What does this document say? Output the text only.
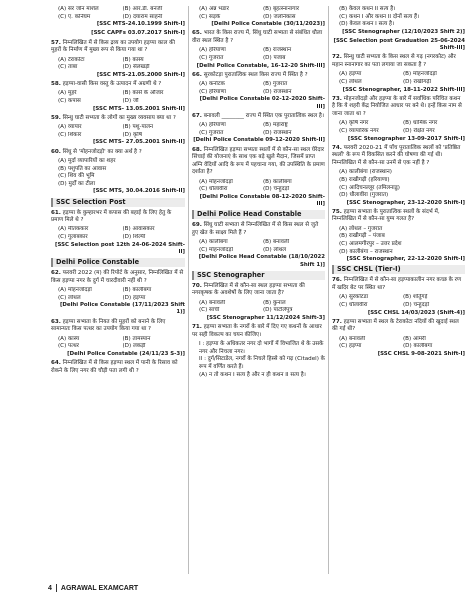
(A) सर जॉन मार्शल	(B) आर.डी. बनर्जी
(C) ए. कनिंघम	(D) दयाराम साहनी
[SSC MTS-24.10.1999 Shift-I]
[SSC CAPFs 03.07.2017 Shift-I]
57. निम्नलिखित में से किस द्रव्य का उपयोग हड़प्पा काल की मुहरों के निर्माण में मुख्य रूप से किया गया था ?
(A) टेराकोटा	(B) कांस्य
(C) तांबा	(D) सेलखड़ी
[SSC MTS-21.05.2000 Shift-I]
58. हड़प्पा-वासी किस वस्तु के उत्पादन में अग्रणी थे ?
(A) मुहरें	(B) कांसे के औजार
(C) कपास	(D) जौ
[SSC MTS- 13.05.2001 Shift-II]
59. सिन्धु घाटी सभ्यता के लोगों का मुख्य व्यवसाय क्या था ?
(A) व्यापार	(B) पशु-पालन
(C) शिकार	(D) कृषि
[SSC MTS- 27.05.2001 Shift-II]
60. सिंधु से 'मोहनजोदड़ो' का क्या अर्थ है ?
(A) मुर्दा व्यापारियों का शहर
(B) पशुपति का आवास
(C) शिव की भूमि
(D) मुर्दों का टीला
[SSC MTS, 30.04.2016 Shift-II]
SSC Selection Post
61. हड़प्पा के कुम्हारभर में कपास की बहाई के लिए हेतु के प्रमाण मिले थे ?
(A) मीतककार	(B) आवासकार
(C) गुलाबकार	(D) शिल्पी
[SSC Selection post 12th 24-06-2024 Shift-II]
Delhi Police Constable
62. फरवरी 2022 (म) की रिपोर्ट के अनुसार, निम्नलिखित में से किस हड़प्पा नगर के दुर्ग में चारदीवारी नहीं थी ?
(A) मोहनजोदड़ो	(B) कालीबंगा
(C) लोथल	(D) हड़प्पा
[Delhi Police Constable (17/11/2023 Shift 1)]
63. हड़प्पा सभ्यता के नियत की मुहरों को बनाने के लिए सामान्यतः किस पत्थर का उपयोग किया गया था ?
(A) कांस्य	(B) तामस्पान
(C) पत्थर	(D) लकड़ी
[Delhi Police Constable (24/11/23 S-3)]
64. निम्नलिखित में से किस हड़प्पा स्थल में पानी के रिसाव को रोकने के लिए नगर की चौड़ी पता लगी थी ?
(A) अन्न भंडार	(B) बृहत्स्नानागार
(C) सड़कें	(D) जलनिकास
[Delhi Police Constable (30/11/2023)]
65. भारत के किस राज्य में, सिंधु घाटी सभ्यता से संबंधित धौला वीरा स्थल स्थित है ?
(A) हरियाणा	(B) राजस्थान
(C) गुजरात	(D) पंजाब
[Delhi Police Constable, 16-12-20 Shift-III]
66. सुरकोटड़ा पुरातात्विक स्थल किस राज्य में स्थित है ?
(A) कर्नाटक	(B) गुजरात
(C) हरियाणा	(D) राजस्थान
[Delhi Police Constable 02-12-2020 Shift-III]
67. बनावली ________ राज्य में स्थित एक पुरातात्विक स्थल है।
(A) हरियाणा	(B) महाराष्ट्र
(C) गुजरात	(D) राजस्थान
[Delhi Police Constable 09-12-2020 Shift-II]
68. निम्नलिखित हड़प्पा सभ्यता स्थलों में से कौन-सा स्थल घेरेदार सिंचाई की योजनाएं के साथ एक बड़े खुले मैदान, जिसमें प्राप्त अग्नि वेदियों आदि के रूप में पहचाना गया, की उपस्थिति के प्रमाण दर्शाता है?
(A) मोहनजोदड़ो	(B) कालीबंगा
(C) धौलावीरा	(D) चन्हुदड़ो
[Delhi Police Constable 08-12-2020 Shift-III]
Delhi Police Head Constable
69. सिंधु घाटी सभ्यता से निम्नलिखित में से किस स्थल से जुते हुए खेत के साक्ष्य मिले हैं ?
(A) कालीबंगा	(B) बनावली
(C) मोहनजोदड़ो	(D) लोथल
[Delhi Police Head Constable (18/10/2022 Shift 1)]
SSC Stenographer
70. निम्नलिखित में से कौन-सा स्थल हड़प्पा सभ्यता की नगरकृषक के अवशेषों के लिए जाना जाता है?
(A) बनावली	(B) कुनाल
(C) सांची	(D) पाटलिपुत्र
[SSC Stenographer 11/12/2024 Shift-3]
71. हड़प्पा सभ्यता के नगरों के बारे में दिए गए कथनों के आधार पर सही विकल्प का चयन कीजिए।
I : हड़प्पा के अधिकतर नगर दो भागों में विभाजित थे के उसके नगर और निचला नगर।
II : दुर्ग/सिटाडेल, नगरों के निचले हिस्से को गढ़ (Citadel) के रूप में वर्णित करते हैं।
(A) न तो कथन I सत्य है और न ही कथन II सत्य है।
(B) केवल कथन II सत्य है।
(C) कथन I और कथन II दोनों सत्य हैं।
(D) केवल कथन I सत्य है।
[SSC Stenographer (12/10/2023 Shift 2)]
[SSC Selection post Graduation 25-06-2024 Shift-III]
72. सिन्धु घाटी सभ्यता के किस स्थल से गढ़ (नगरकोट) और महान स्नानागार का पता लगाया जा सकता है ?
(A) हड़प्पा	(B) मोहनजोदड़ो
(C) लोथल	(D) राखीगढ़ी
[SSC Stenographer, 18-11-2022 Shift-III]
73. मोहनजोदड़ो और हड़प्पा के बारे में सर्वाधिक परिचित कथन है कि ये शहरी केंद्र नियोजित आधार पर बने थे। इन्हें किस नाम से जाना जाता था ?
(A) कृषि नगर	(B) धार्मिक नगर
(C) व्यापारिक नगर	(D) रक्षित नगर
[SSC Stenographer 13-09-2017 Shift-I]
74. फरवरी 2020-21 में पाँच पुरातात्विक स्थलों को 'प्रतिष्ठित स्थलों' के रूप में विकसित करने की घोषणा की गई थी। निम्नलिखित में से कौन-सा उनमें से एक नहीं है ?
(A) कालीबंगा (राजस्थान)
(B) राखीगढ़ी (हरियाणा)
(C) आदिचनल्लूर (तमिलनाडु)
(D) धौलावीरा (गुजरात)
[SSC Stenographer, 23-12-2020 Shift-I]
75. हड़प्पा सभ्यता के पुरातात्विक स्थलों के संदर्भ में, निम्नलिखित में से कौन-सा युग्म गलत है?
(A) लोथल – गुजरात
(B) राखीगढ़ी – पंजाब
(C) आलमगीरपुर – उत्तर प्रदेश
(D) कालीबंगा – राजस्थान
[SSC Stenographer, 22-12-2020 Shift-I]
SSC CHSL (Tier-I)
76. निम्नलिखित में से कौन-सा हड़प्पाकालीन नगर कच्छ के रण में खदिर बेट पर स्थित था?
(A) सुरकोटडा	(B) शोर्तुगई
(C) धौलावीरा	(D) चन्हुदड़ो
[SSC CHSL 14/03/2023 (Shift-4)]
77. हड़प्पा सभ्यता में स्थल के टेराकोटा नदियों की खुदाई स्थल की गई थी?
(A) बनावली	(B) आमरी
(C) हड़प्पा	(D) कालीबंगा
[SSC CHSL 9-08-2021 Shift-I]
4 AGRAWAL EXAMCART
